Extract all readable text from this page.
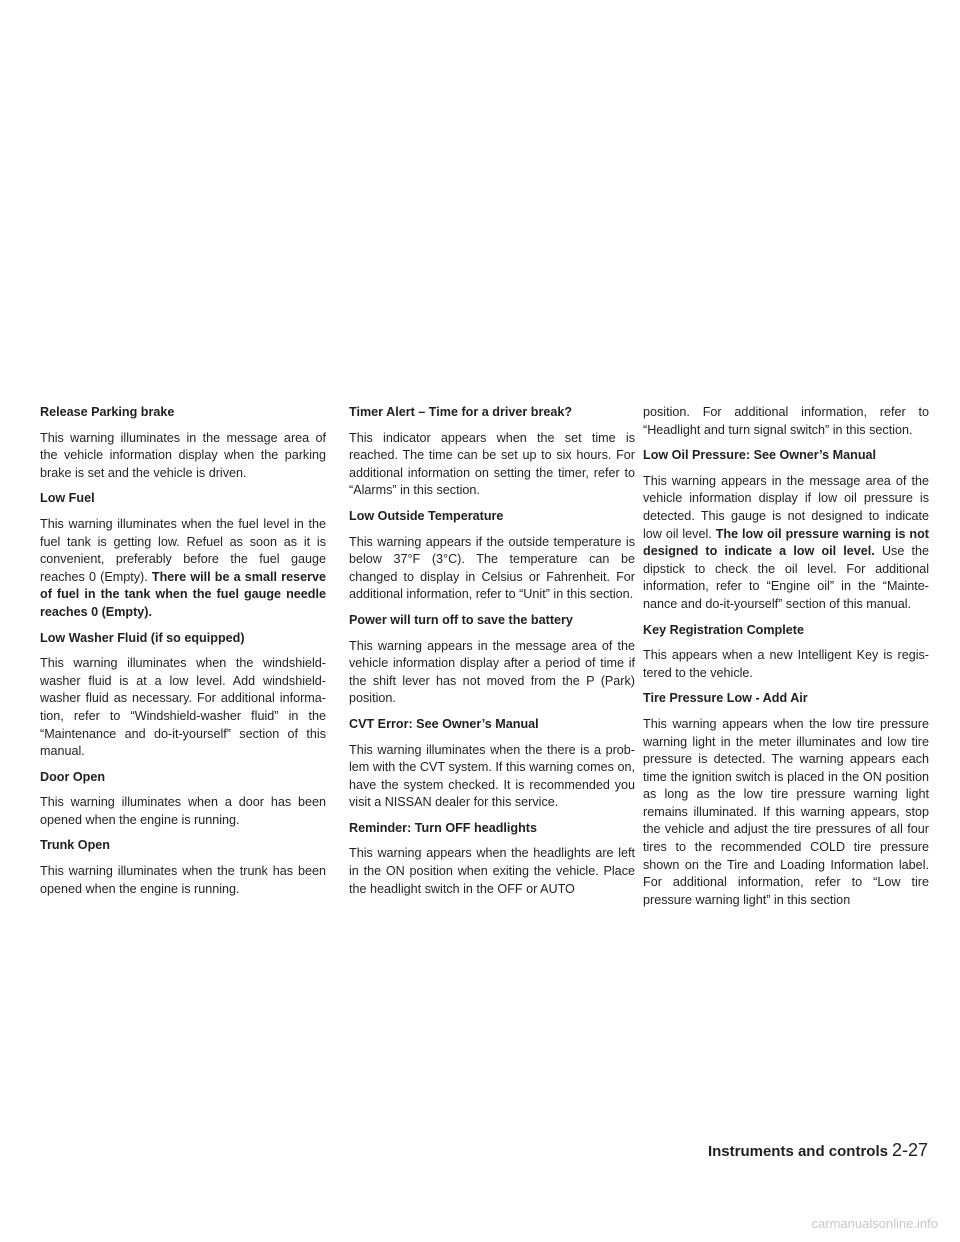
Release Parking brake

This warning illuminates in the message area of the vehicle information display when the parking brake is set and the vehicle is driven.

Low Fuel

This warning illuminates when the fuel level in the fuel tank is getting low. Refuel as soon as it is convenient, preferably before the fuel gauge reaches 0 (Empty). There will be a small reserve of fuel in the tank when the fuel gauge needle reaches 0 (Empty).

Low Washer Fluid (if so equipped)

This warning illuminates when the windshield-washer fluid is at a low level. Add windshield-washer fluid as necessary. For additional information, refer to “Windshield-washer fluid” in the “Maintenance and do-it-yourself” section of this manual.

Door Open

This warning illuminates when a door has been opened when the engine is running.

Trunk Open

This warning illuminates when the trunk has been opened when the engine is running.

Timer Alert – Time for a driver break?

This indicator appears when the set time is reached. The time can be set up to six hours. For additional information on setting the timer, refer to “Alarms” in this section.

Low Outside Temperature

This warning appears if the outside temperature is below 37°F (3°C). The temperature can be changed to display in Celsius or Fahrenheit. For additional information, refer to “Unit” in this section.

Power will turn off to save the battery

This warning appears in the message area of the vehicle information display after a period of time if the shift lever has not moved from the P (Park) position.

CVT Error: See Owner’s Manual

This warning illuminates when the there is a problem with the CVT system. If this warning comes on, have the system checked. It is recommended you visit a NISSAN dealer for this service.

Reminder: Turn OFF headlights

This warning appears when the headlights are left in the ON position when exiting the vehicle. Place the headlight switch in the OFF or AUTO

position. For additional information, refer to “Headlight and turn signal switch” in this section.

Low Oil Pressure: See Owner’s Manual

This warning appears in the message area of the vehicle information display if low oil pressure is detected. This gauge is not designed to indicate low oil level. The low oil pressure warning is not designed to indicate a low oil level. Use the dipstick to check the oil level. For additional information, refer to “Engine oil” in the “Maintenance and do-it-yourself” section of this manual.

Key Registration Complete

This appears when a new Intelligent Key is registered to the vehicle.

Tire Pressure Low - Add Air

This warning appears when the low tire pressure warning light in the meter illuminates and low tire pressure is detected. The warning appears each time the ignition switch is placed in the ON position as long as the low tire pressure warning light remains illuminated. If this warning appears, stop the vehicle and adjust the tire pressures of all four tires to the recommended COLD tire pressure shown on the Tire and Loading Information label. For additional information, refer to “Low tire pressure warning light” in this section

Instruments and controls 2-27
carmanualsonline.info
